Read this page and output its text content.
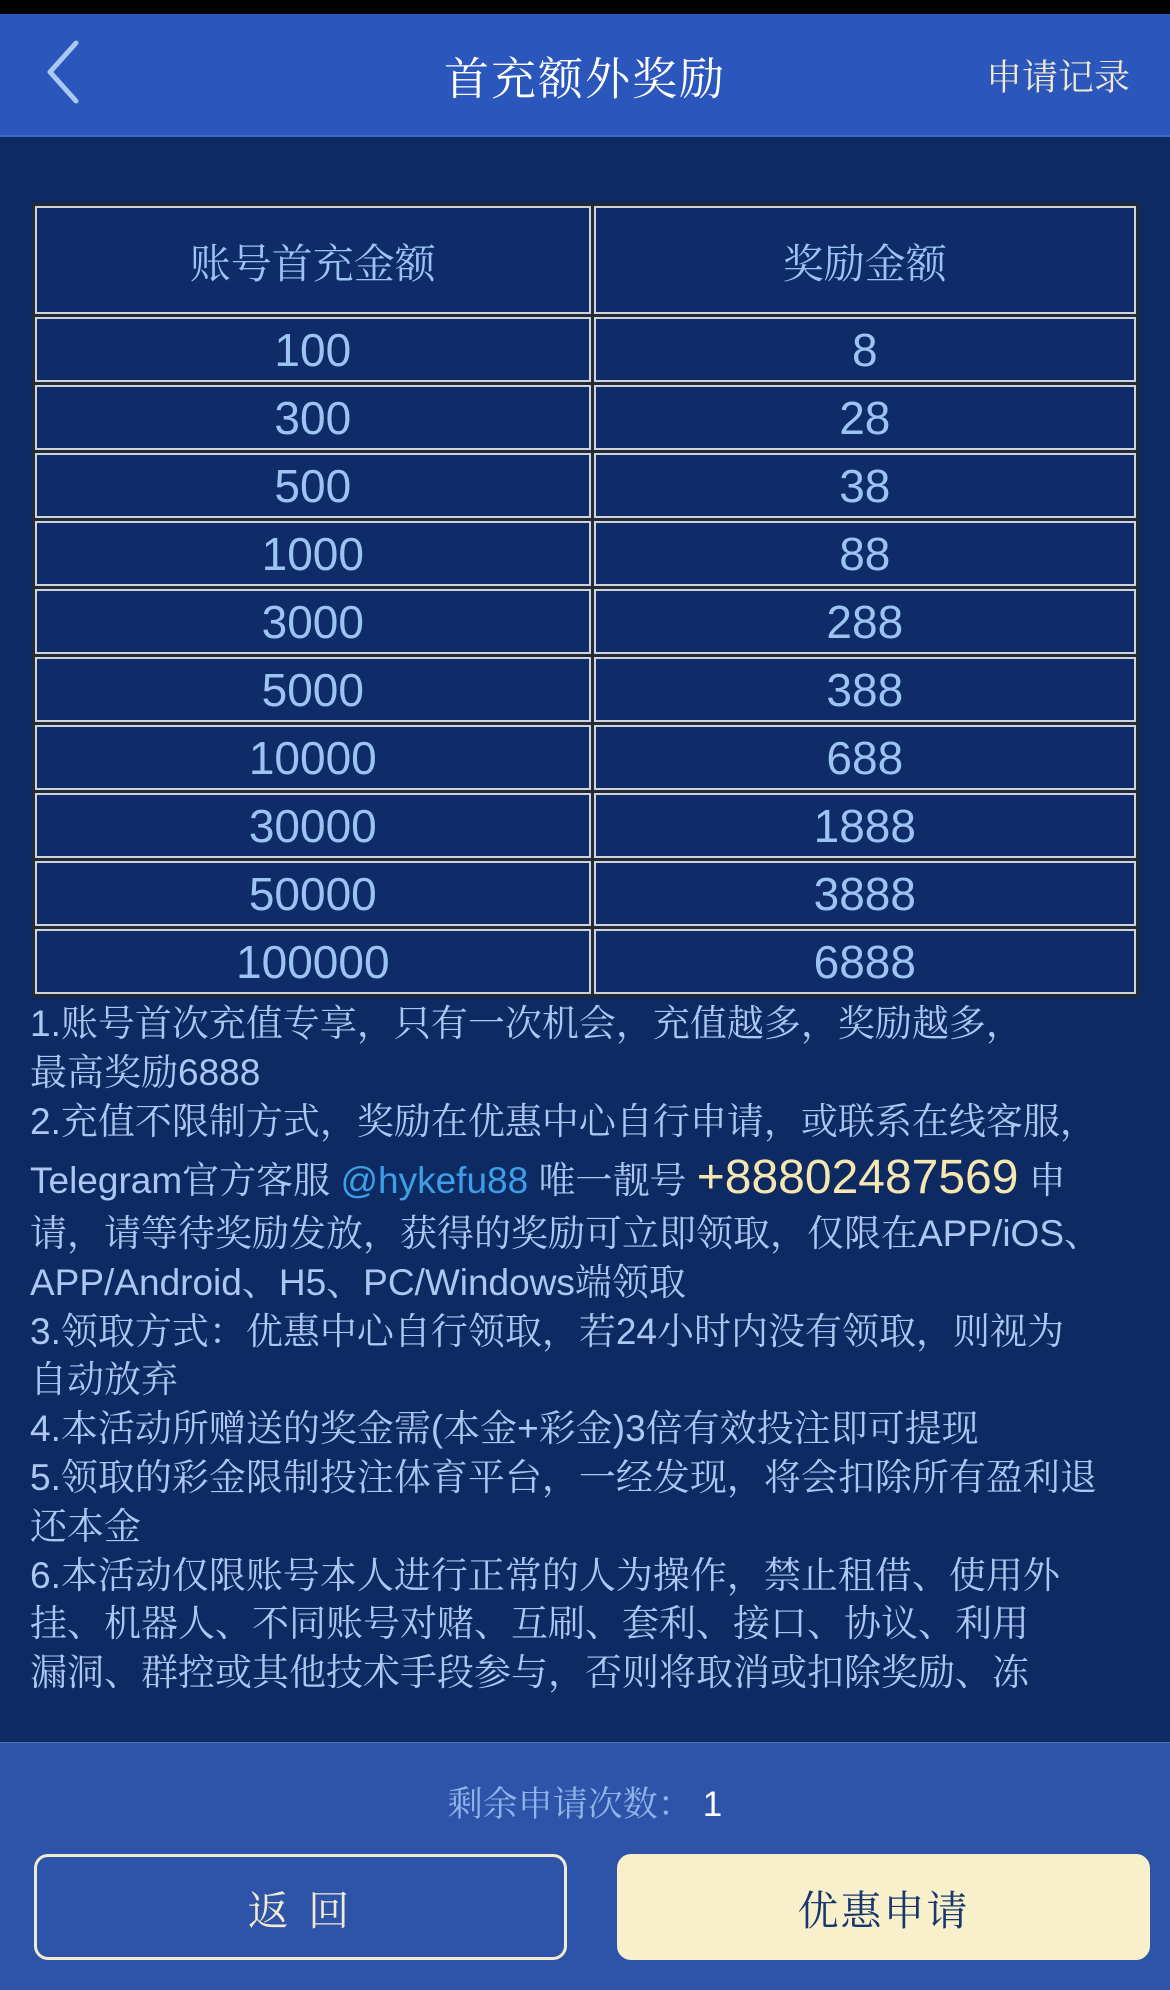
首充额外奖励	申请记录
账号首充金额	奖励金额
100	8
300	28
500	38
1000	88
3000	288
5000	388
10000	688
30000	1888
50000	3888
100000	6888
1.账号首次充值专享，只有一次机会，充值越多，奖励越多，
最高奖励6888
2.充值不限制方式，奖励在优惠中心自行申请，或联系在线客服，
Telegram官方客服 @hykefu88 唯一靓号 +88802487569 申
请，请等待奖励发放，获得的奖励可立即领取，仅限在APP/iOS、
APP/Android、H5、PC/Windows端领取
3.领取方式：优惠中心自行领取，若24小时内没有领取，则视为
自动放弃
4.本活动所赠送的奖金需(本金+彩金)3倍有效投注即可提现
5.领取的彩金限制投注体育平台，一经发现，将会扣除所有盈利退
还本金
6.本活动仅限账号本人进行正常的人为操作，禁止租借、使用外
挂、机器人、不同账号对赌、互刷、套利、接口、协议、利用
漏洞、群控或其他技术手段参与，否则将取消或扣除奖励、冻
剩余申请次数： 1
返 回	优惠申请
